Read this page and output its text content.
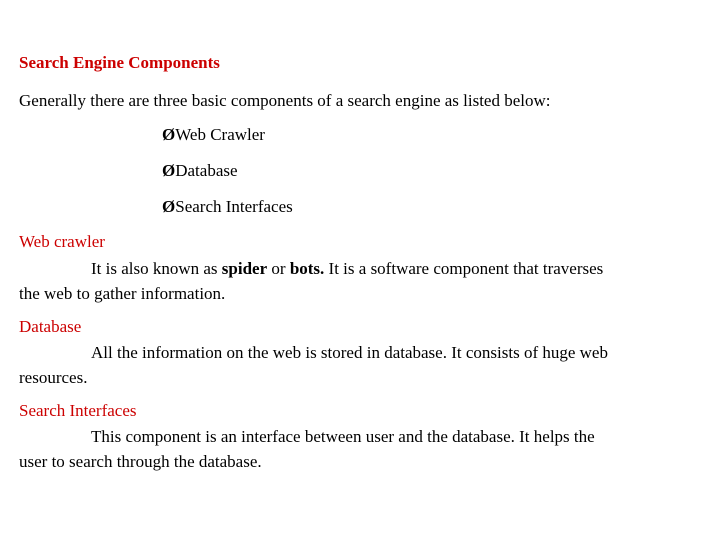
Search Engine Components
Generally there are three basic components of a search engine as listed below:
ØWeb Crawler
ØDatabase
ØSearch Interfaces
Web crawler
It is also known as spider or bots. It is a software component that traverses
the web to gather information.
Database
All the information on the web is stored in database. It consists of huge web
resources.
Search Interfaces
This component is an interface between user and the database. It helps the
user to search through the database.
